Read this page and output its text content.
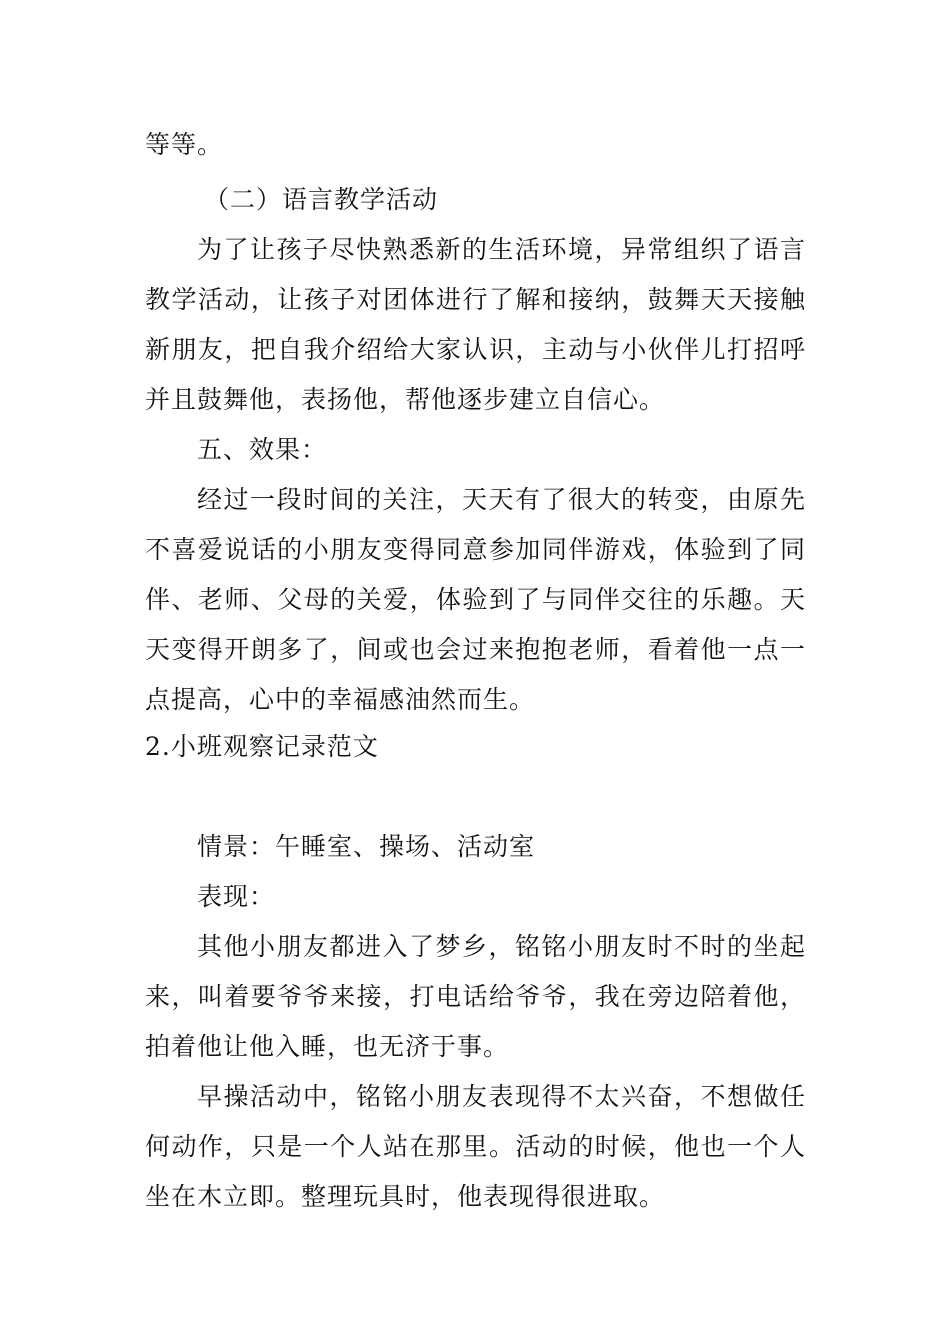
等等。
（二）语言教学活动
为了让孩子尽快熟悉新的生活环境，异常组织了语言
教学活动，让孩子对团体进行了解和接纳，鼓舞天天接触
新朋友，把自我介绍给大家认识，主动与小伙伴儿打招呼
并且鼓舞他，表扬他，帮他逐步建立自信心。
五、效果：
经过一段时间的关注，天天有了很大的转变，由原先
不喜爱说话的小朋友变得同意参加同伴游戏，体验到了同
伴、老师、父母的关爱，体验到了与同伴交往的乐趣。天
天变得开朗多了，间或也会过来抱抱老师，看着他一点一
点提高，心中的幸福感油然而生。
2.小班观察记录范文
情景：午睡室、操场、活动室
表现：
其他小朋友都进入了梦乡，铭铭小朋友时不时的坐起
来，叫着要爷爷来接，打电话给爷爷，我在旁边陪着他，
拍着他让他入睡，也无济于事。
早操活动中，铭铭小朋友表现得不太兴奋，不想做任
何动作，只是一个人站在那里。活动的时候，他也一个人
坐在木立即。整理玩具时，他表现得很进取。
